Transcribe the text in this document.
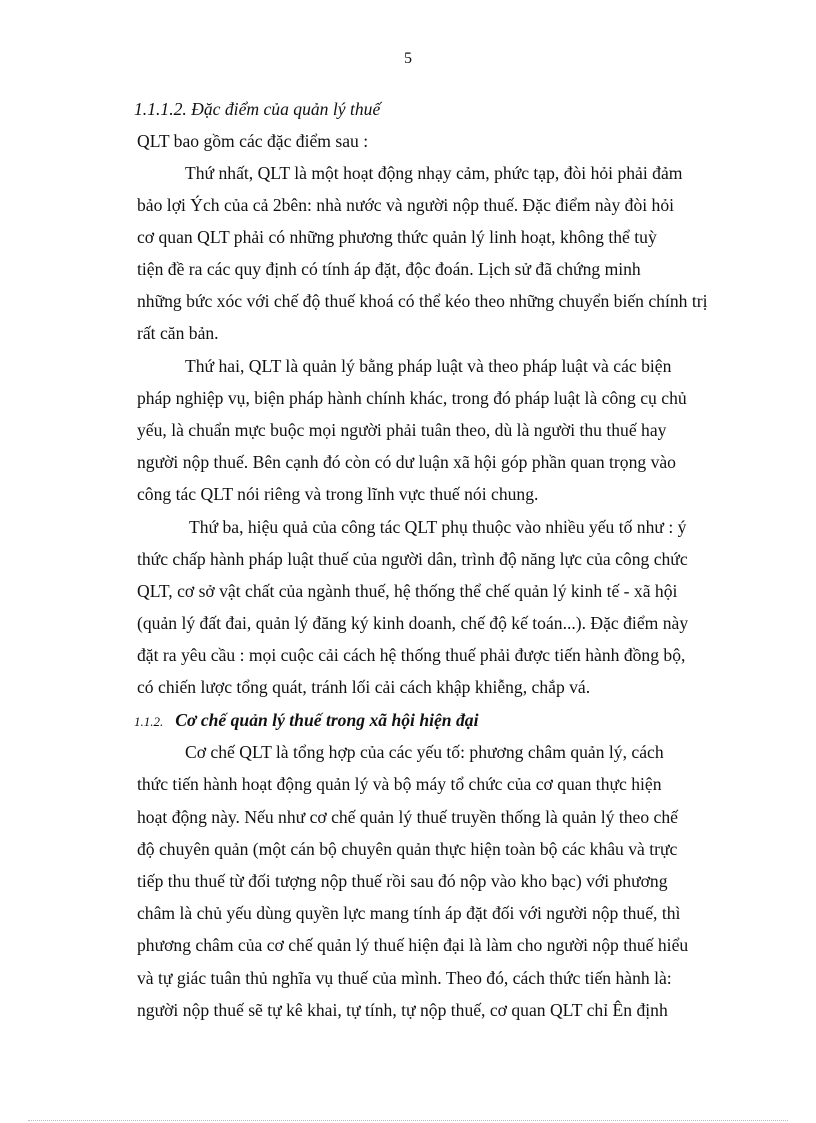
5
1.1.1.2. Đặc điểm của quản lý thuế
QLT bao gồm các đặc điểm sau :
Thứ nhất, QLT là một hoạt động nhạy cảm, phức tạp, đòi hỏi phải đảm
bảo lợi Ých của cả 2bên: nhà nước và người nộp thuế. Đặc điểm này đòi hỏi
cơ quan QLT phải có những phương thức quản lý linh hoạt, không thể tuỳ
tiện đề ra các quy định có tính áp đặt, độc đoán. Lịch sử đã chứng minh
những bức xóc với chế độ thuế khoá có thể kéo theo những chuyển biến chính trị
rất căn bản.
Thứ hai, QLT là quản lý bằng pháp luật và theo pháp luật và các biện
pháp nghiệp vụ, biện pháp hành chính khác, trong đó pháp luật là công cụ chủ
yếu, là chuẩn mực buộc mọi người phải tuân theo, dù là người thu thuế hay
người nộp thuế. Bên cạnh đó còn có dư luận xã hội góp phần quan trọng vào
công tác QLT nói riêng và trong lĩnh vực thuế nói chung.
Thứ ba, hiệu quả của công tác QLT phụ thuộc vào nhiều yếu tố như : ý
thức chấp hành pháp luật thuế của người dân, trình độ năng lực của công chức
QLT, cơ sở vật chất của ngành thuế, hệ thống thể chế quản lý kinh tế - xã hội
(quản lý đất đai, quản lý đăng ký kinh doanh, chế độ kế toán...). Đặc điểm này
đặt ra yêu cầu : mọi cuộc cải cách hệ thống thuế phải được tiến hành đồng bộ,
có chiến lược tổng quát, tránh lối cải cách khập khiễng, chắp vá.
1.1.2. Cơ chế quản lý thuế trong xã hội hiện đại
Cơ chế QLT là tổng hợp của các yếu tố: phương châm quản lý, cách
thức tiến hành hoạt động quản lý và bộ máy tổ chức của cơ quan thực hiện
hoạt động này. Nếu như cơ chế quản lý thuế truyền thống là quản lý theo chế
độ chuyên quản (một cán bộ chuyên quản thực hiện toàn bộ các khâu và trực
tiếp thu thuế từ đối tượng nộp thuế rồi sau đó nộp vào kho bạc) với phương
châm là chủ yếu dùng quyền lực mang tính áp đặt đối với người nộp thuế, thì
phương châm của cơ chế quản lý thuế hiện đại là làm cho người nộp thuế hiểu
và tự giác tuân thủ nghĩa vụ thuế của mình. Theo đó, cách thức tiến hành là:
người nộp thuế sẽ tự kê khai, tự tính, tự nộp thuế, cơ quan QLT chỉ Ên định
